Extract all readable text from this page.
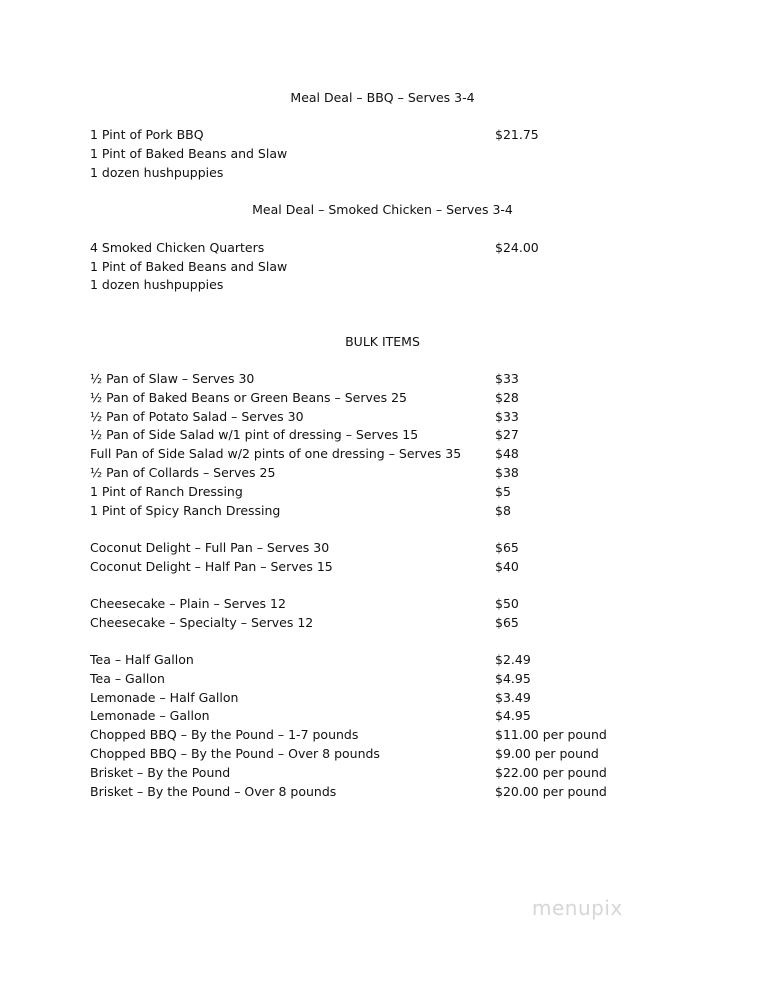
Meal Deal – BBQ – Serves 3-4
1 Pint of Pork BBQ	$21.75
1 Pint of Baked Beans and Slaw
1 dozen hushpuppies
Meal Deal – Smoked Chicken – Serves 3-4
4 Smoked Chicken Quarters	$24.00
1 Pint of Baked Beans and Slaw
1 dozen hushpuppies
BULK ITEMS
½ Pan of Slaw – Serves 30	$33
½ Pan of Baked Beans or Green Beans – Serves 25	$28
½ Pan of Potato Salad – Serves 30	$33
½ Pan of Side Salad w/1 pint of dressing – Serves 15	$27
Full Pan of Side Salad w/2 pints of one dressing – Serves 35	$48
½ Pan of Collards – Serves 25	$38
1 Pint of Ranch Dressing	$5
1 Pint of Spicy Ranch Dressing	$8
Coconut Delight – Full Pan – Serves 30	$65
Coconut Delight – Half Pan – Serves 15	$40
Cheesecake – Plain – Serves 12	$50
Cheesecake – Specialty – Serves 12	$65
Tea – Half Gallon	$2.49
Tea – Gallon	$4.95
Lemonade – Half Gallon	$3.49
Lemonade – Gallon	$4.95
Chopped BBQ – By the Pound – 1-7 pounds	$11.00 per pound
Chopped BBQ – By the Pound – Over 8 pounds	$9.00 per pound
Brisket – By the Pound	$22.00 per pound
Brisket – By the Pound – Over 8 pounds	$20.00 per pound
menupix
